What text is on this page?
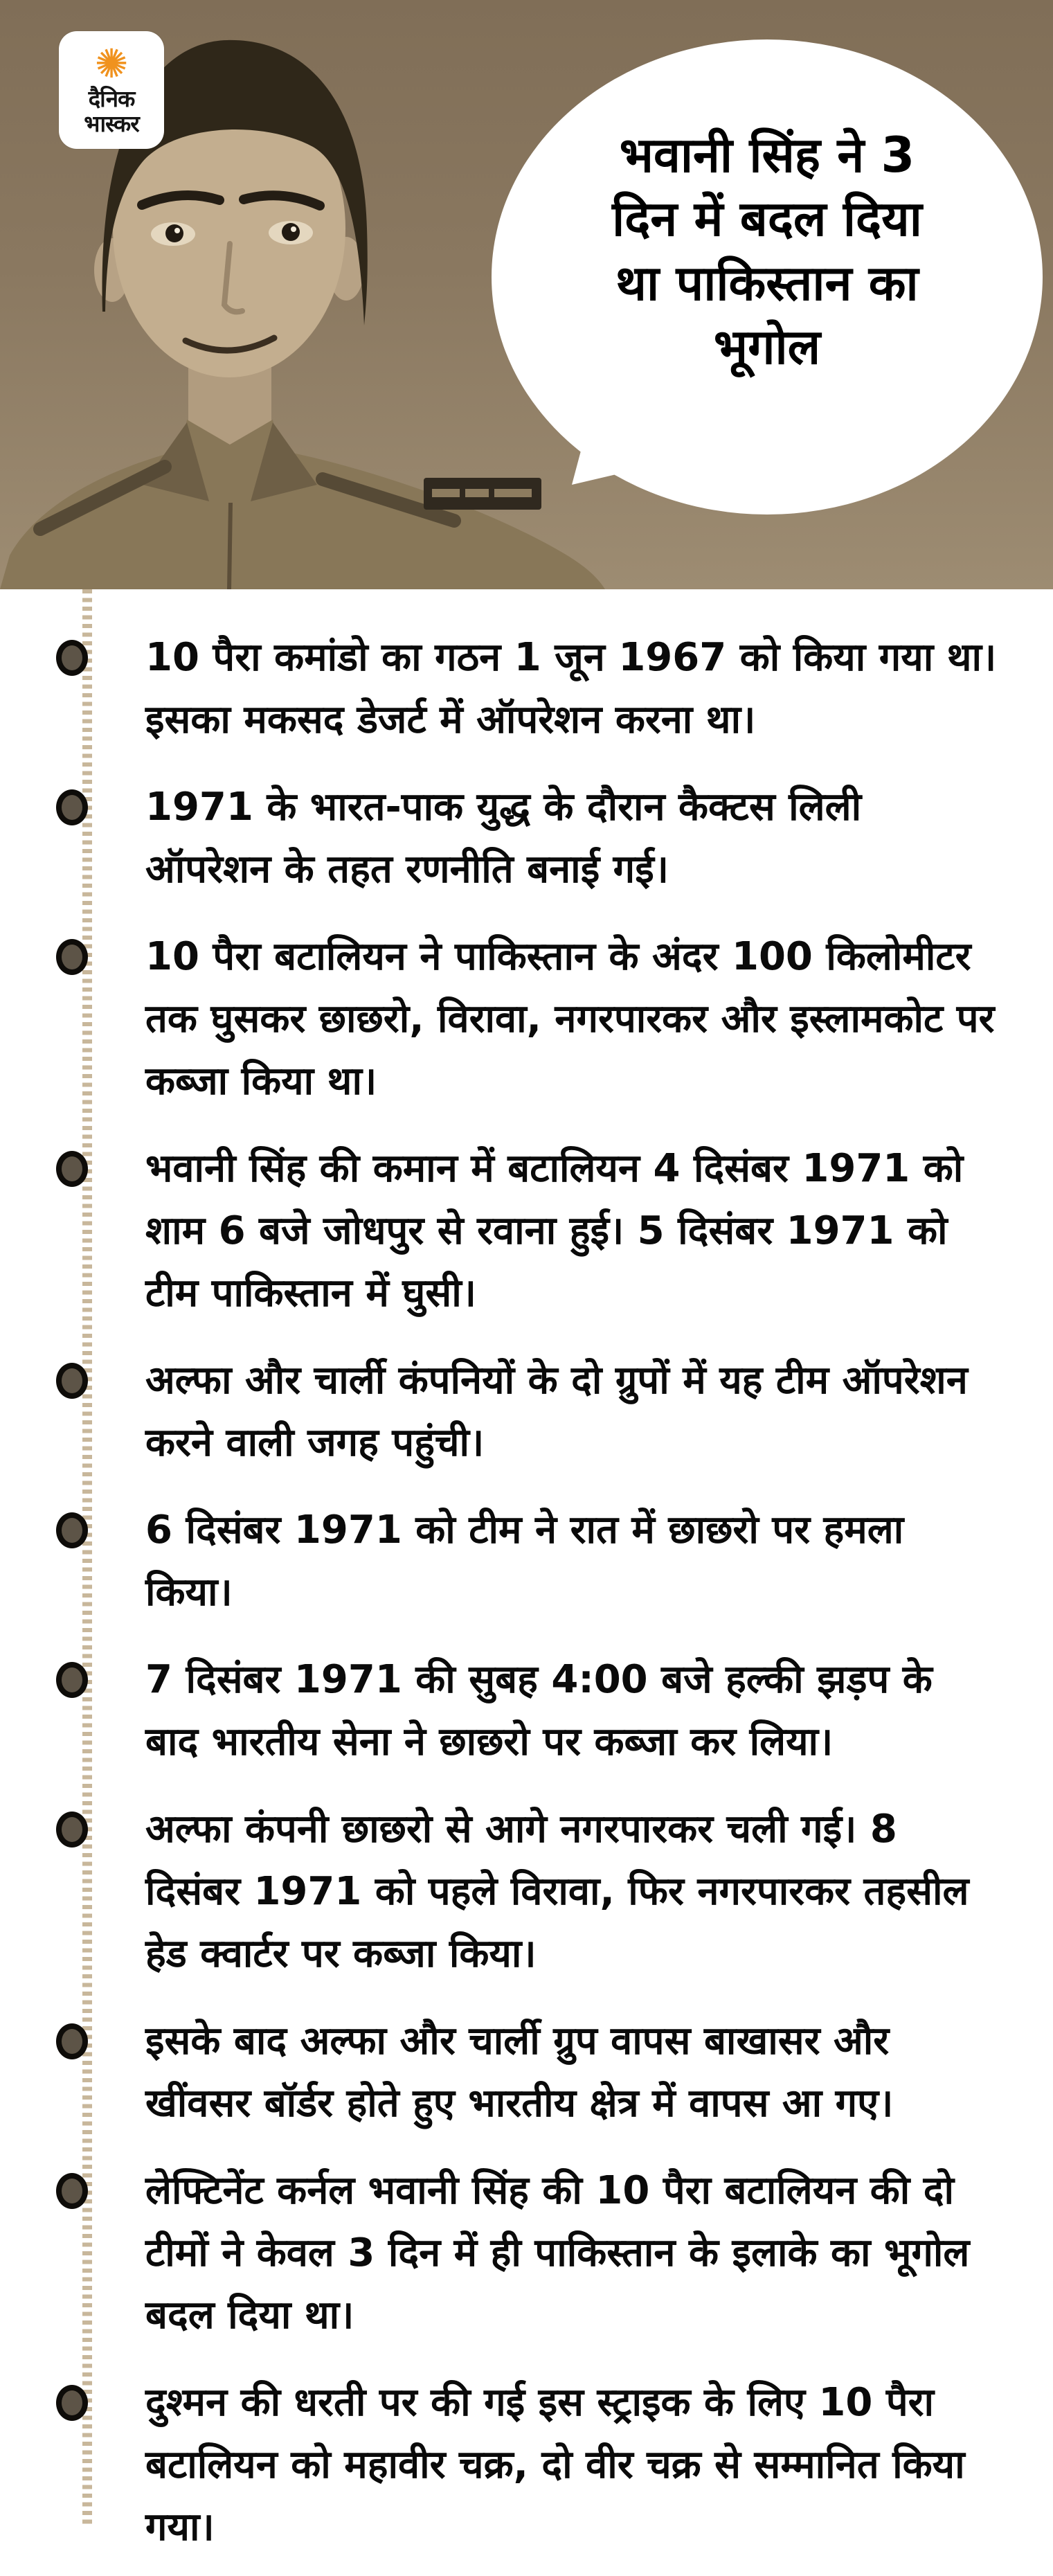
भवानी सिंह ने 3
दिन में बदल दिया
था पाकिस्तान का
भूगोल
✺
दैनिक
भास्कर
10 पैरा कमांडो का गठन 1 जून 1967 को किया गया था। इसका मकसद डेजर्ट में ऑपरेशन करना था।
1971 के भारत-पाक युद्ध के दौरान कैक्टस लिली ऑपरेशन के तहत रणनीति बनाई गई।
10 पैरा बटालियन ने पाकिस्तान के अंदर 100 किलोमीटर तक घुसकर छाछरो, विरावा, नगरपारकर और इस्लामकोट पर कब्जा किया था।
भवानी सिंह की कमान में बटालियन 4 दिसंबर 1971 को शाम 6 बजे जोधपुर से रवाना हुई। 5 दिसंबर 1971 को टीम पाकिस्तान में घुसी।
अल्फा और चार्ली कंपनियों के दो ग्रुपों में यह टीम ऑपरेशन करने वाली जगह पहुंची।
6 दिसंबर 1971 को टीम ने रात में छाछरो पर हमला किया।
7 दिसंबर 1971 की सुबह 4:00 बजे हल्की झड़प के बाद भारतीय सेना ने छाछरो पर कब्जा कर लिया।
अल्फा कंपनी छाछरो से आगे नगरपारकर चली गई। 8 दिसंबर 1971 को पहले विरावा, फिर नगरपारकर तहसील हेड क्वार्टर पर कब्जा किया।
इसके बाद अल्फा और चार्ली ग्रुप वापस बाखासर और खींवसर बॉर्डर होते हुए भारतीय क्षेत्र में वापस आ गए।
लेफ्टिनेंट कर्नल भवानी सिंह की 10 पैरा बटालियन की दो टीमों ने केवल 3 दिन में ही पाकिस्तान के इलाके का भूगोल बदल दिया था।
दुश्मन की धरती पर की गई इस स्ट्राइक के लिए 10 पैरा बटालियन को महावीर चक्र, दो वीर चक्र से सम्मानित किया गया।
